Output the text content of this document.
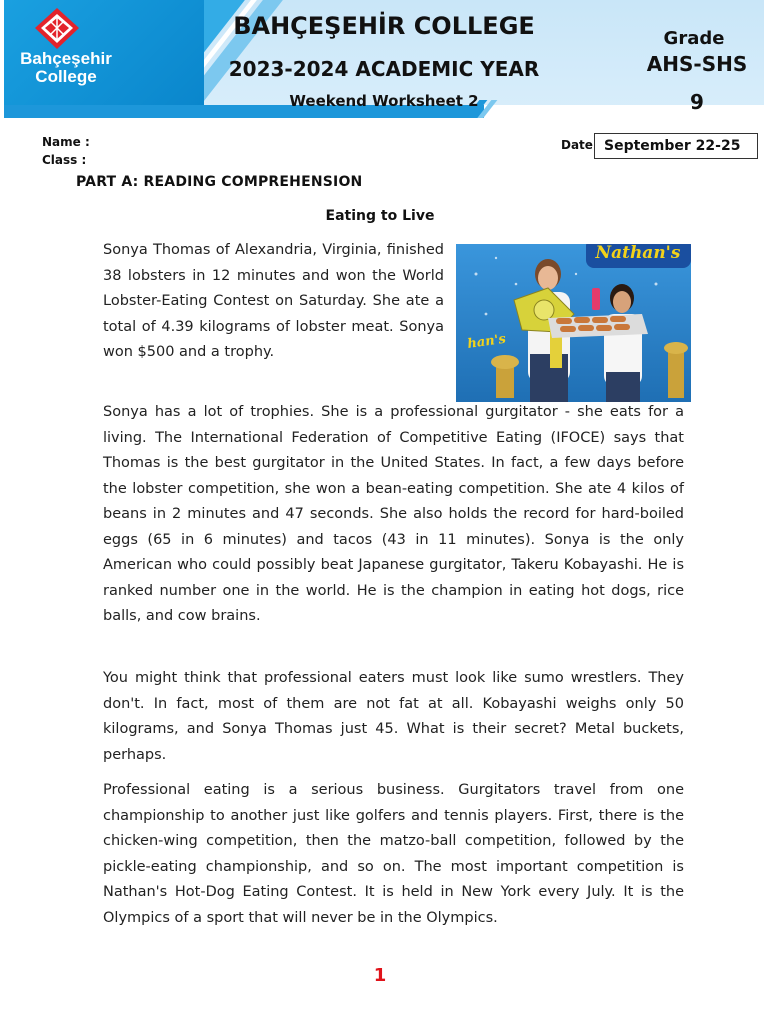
Bahçeşehir
College
BAHÇEŞEHİR COLLEGE
2023-2024 ACADEMIC YEAR
Weekend Worksheet 2
Grade
AHS-SHS
9
Name :
Class :
Date September 22-25
PART A: READING COMPREHENSION
Eating to Live

Sonya Thomas of Alexandria, Virginia, finished 38 lobsters in 12 minutes and won the World Lobster-Eating Contest on Saturday. She ate a total of 4.39 kilograms of lobster meat. Sonya won $500 and a trophy.

Nathan's
han's

Sonya has a lot of trophies. She is a professional gurgitator - she eats for a living. The International Federation of Competitive Eating (IFOCE) says that Thomas is the best gurgitator in the United States. In fact, a few days before the lobster competition, she won a bean-eating competition. She ate 4 kilos of beans in 2 minutes and 47 seconds. She also holds the record for hard-boiled eggs (65 in 6 minutes) and tacos (43 in 11 minutes). Sonya is the only American who could possibly beat Japanese gurgitator, Takeru Kobayashi. He is ranked number one in the world. He is the champion in eating hot dogs, rice balls, and cow brains.

You might think that professional eaters must look like sumo wrestlers. They don't. In fact, most of them are not fat at all. Kobayashi weighs only 50 kilograms, and Sonya Thomas just 45. What is their secret? Metal buckets, perhaps.

Professional eating is a serious business. Gurgitators travel from one championship to another just like golfers and tennis players. First, there is the chicken-wing competition, then the matzo-ball competition, followed by the pickle-eating championship, and so on. The most important competition is Nathan's Hot-Dog Eating Contest. It is held in New York every July. It is the Olympics of a sport that will never be in the Olympics.

1
